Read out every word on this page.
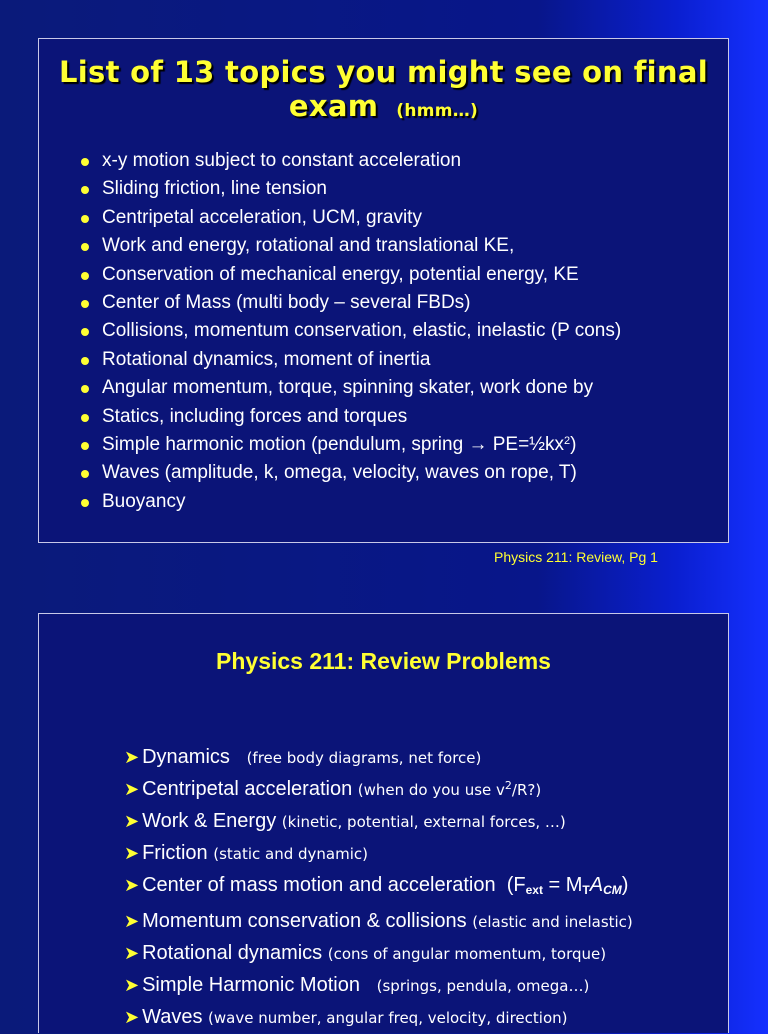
List of 13 topics you might see on final exam (hmm…)
x-y motion subject to constant acceleration
Sliding friction, line tension
Centripetal acceleration, UCM, gravity
Work and energy, rotational and translational KE,
Conservation of mechanical energy, potential energy, KE
Center of Mass (multi body – several FBDs)
Collisions, momentum conservation, elastic, inelastic (P cons)
Rotational dynamics, moment of inertia
Angular momentum, torque, spinning skater, work done by
Statics, including forces and torques
Simple harmonic motion (pendulum, spring → $PE=\frac{1}{2}kx^2$)
Waves (amplitude, k, omega, velocity, waves on rope, T)
Buoyancy
Physics 211: Review, Pg 1
Physics 211: Review Problems
➤ Dynamics (free body diagrams, net force)
➤ Centripetal acceleration (when do you use $v^2/R$?)
➤ Work & Energy (kinetic, potential, external forces, …)
➤ Friction (static and dynamic)
➤ Center of mass motion and acceleration (Fext = MTACM)
➤ Momentum conservation & collisions (elastic and inelastic)
➤ Rotational dynamics (cons of angular momentum, torque)
➤ Simple Harmonic Motion (springs, pendula, omega…)
➤ Waves (wave number, angular freq, velocity, direction)
